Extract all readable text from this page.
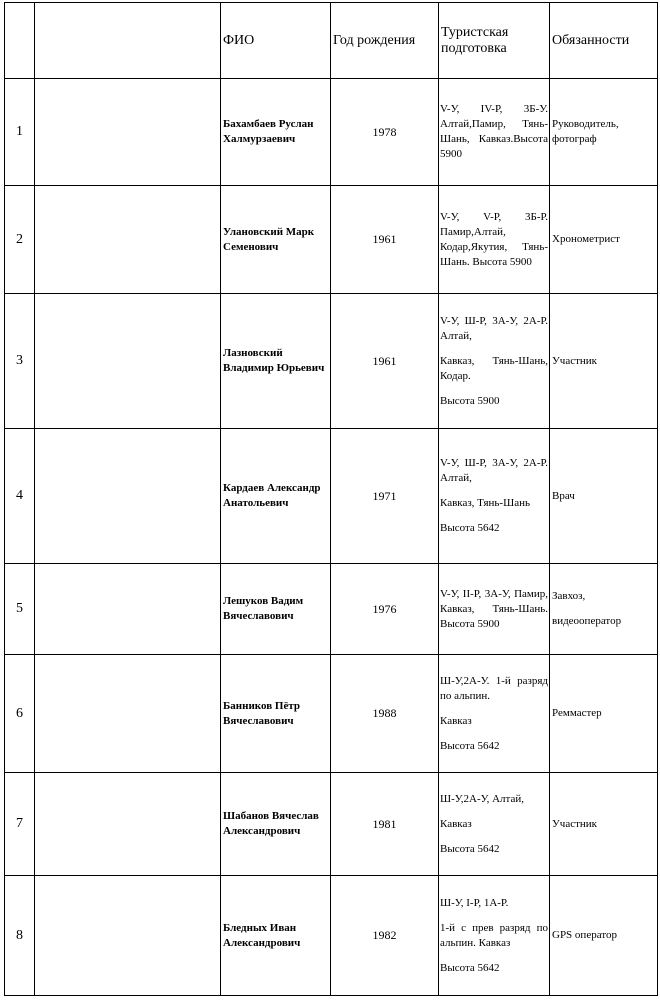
		ФИО	Год рождения	Туристская подготовка	Обязанности
1		Бахамбаев Руслан Халмурзаевич	1978	V-У, IV-Р, 3Б-У. Алтай,Памир, Тянь-Шань, Кавказ.Высота 5900	Руководитель, фотограф

2		Улановский Марк Семенович	1961	V-У, V-Р, 3Б-Р. Памир,Алтай, Кодар,Якутия, Тянь-Шань. Высота 5900	Хронометрист

3		Лазновский Владимир Юрьевич	1961	V-У, Ш-Р, 3А-У, 2А-Р. Алтай,
Кавказ, Тянь-Шань, Кодар.
Высота 5900	Участник

4		Кардаев Александр Анатольевич	1971	V-У, Ш-Р, 3А-У, 2А-Р. Алтай,
Кавказ, Тянь-Шань
Высота 5642	Врач

5		Лешуков Вадим Вячеславович	1976	V-У, II-Р, 3А-У, Памир, Кавказ, Тянь-Шань. Высота 5900	Завхоз,
видеооператор

6		Банников Пётр Вячеславович	1988	Ш-У,2А-У. 1-й разряд по альпин.
Кавказ
Высота 5642	Реммастер

7		Шабанов Вячеслав Александрович	1981	Ш-У,2А-У, Алтай,
Кавказ
Высота 5642	Участник

8		Бледных Иван Александрович	1982	Ш-У, I-Р, 1А-Р.
1-й с прев разряд по альпин. Кавказ
Высота 5642	GPS оператор
